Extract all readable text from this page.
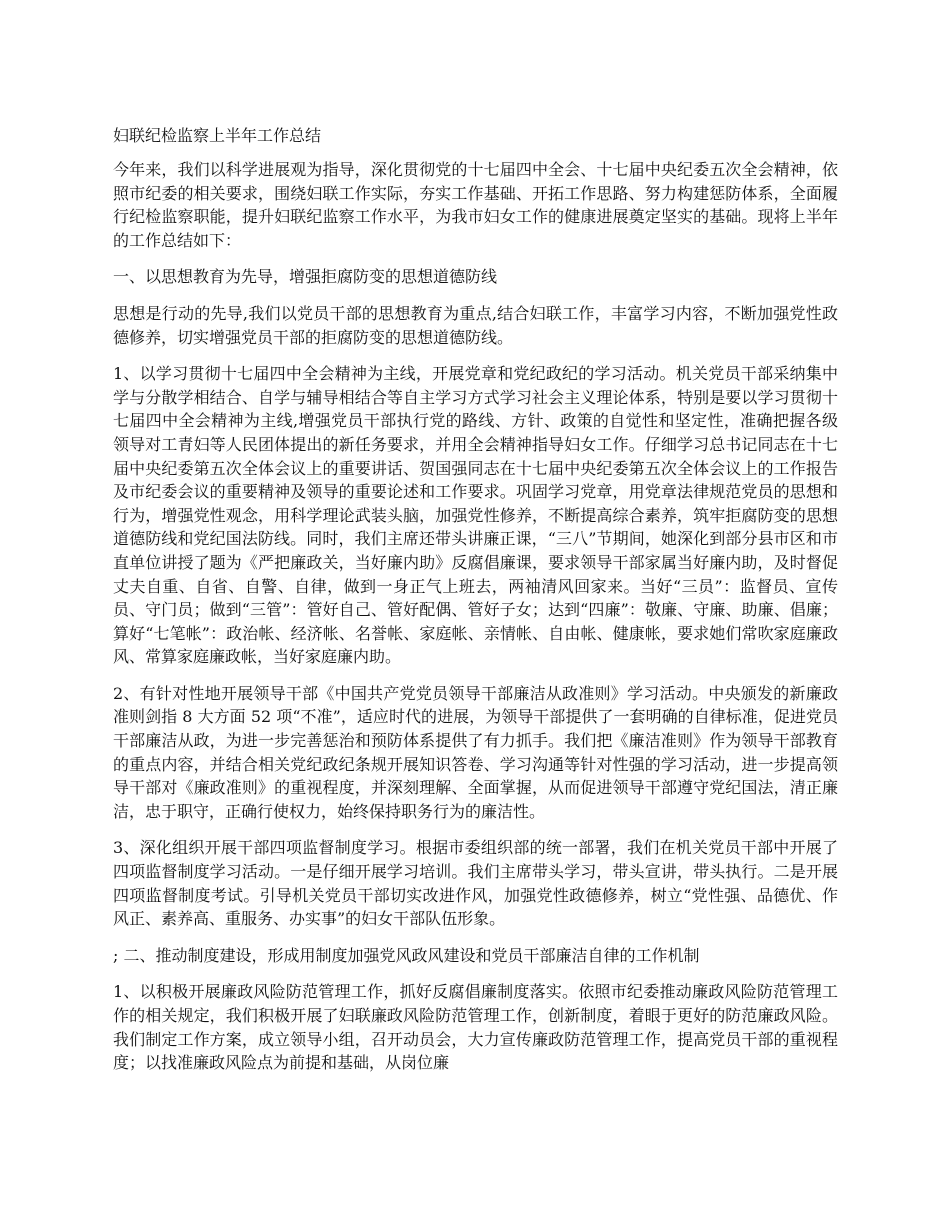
妇联纪检监察上半年工作总结

今年来，我们以科学进展观为指导，深化贯彻党的十七届四中全会、十七届中央纪委五次全会精神，依照市纪委的相关要求，围绕妇联工作实际，夯实工作基础、开拓工作思路、努力构建惩防体系，全面履行纪检监察职能，提升妇联纪监察工作水平，为我市妇女工作的健康进展奠定坚实的基础。现将上半年的工作总结如下：

一、以思想教育为先导，增强拒腐防变的思想道德防线

思想是行动的先导,我们以党员干部的思想教育为重点,结合妇联工作，丰富学习内容，不断加强党性政德修养，切实增强党员干部的拒腐防变的思想道德防线。

1、以学习贯彻十七届四中全会精神为主线，开展党章和党纪政纪的学习活动。机关党员干部采纳集中学与分散学相结合、自学与辅导相结合等自主学习方式学习社会主义理论体系，特别是要以学习贯彻十七届四中全会精神为主线,增强党员干部执行党的路线、方针、政策的自觉性和坚定性，准确把握各级领导对工青妇等人民团体提出的新任务要求，并用全会精神指导妇女工作。仔细学习总书记同志在十七届中央纪委第五次全体会议上的重要讲话、贺国强同志在十七届中央纪委第五次全体会议上的工作报告及市纪委会议的重要精神及领导的重要论述和工作要求。巩固学习党章，用党章法律规范党员的思想和行为，增强党性观念，用科学理论武装头脑，加强党性修养，不断提高综合素养，筑牢拒腐防变的思想道德防线和党纪国法防线。同时，我们主席还带头讲廉正课，“三八”节期间，她深化到部分县市区和市直单位讲授了题为《严把廉政关，当好廉内助》反腐倡廉课，要求领导干部家属当好廉内助，及时督促丈夫自重、自省、自警、自律，做到一身正气上班去，两袖清风回家来。当好“三员”：监督员、宣传员、守门员；做到“三管”：管好自己、管好配偶、管好子女；达到“四廉”：敬廉、守廉、助廉、倡廉；算好“七笔帐”：政治帐、经济帐、名誉帐、家庭帐、亲情帐、自由帐、健康帐，要求她们常吹家庭廉政风、常算家庭廉政帐，当好家庭廉内助。

2、有针对性地开展领导干部《中国共产党党员领导干部廉洁从政准则》学习活动。中央颁发的新廉政准则剑指 8 大方面 52 项“不准”，适应时代的进展，为领导干部提供了一套明确的自律标准，促进党员干部廉洁从政，为进一步完善惩治和预防体系提供了有力抓手。我们把《廉洁准则》作为领导干部教育的重点内容，并结合相关党纪政纪条规开展知识答卷、学习沟通等针对性强的学习活动，进一步提高领导干部对《廉政准则》的重视程度，并深刻理解、全面掌握，从而促进领导干部遵守党纪国法，清正廉洁，忠于职守，正确行使权力，始终保持职务行为的廉洁性。

3、深化组织开展干部四项监督制度学习。根据市委组织部的统一部署，我们在机关党员干部中开展了四项监督制度学习活动。一是仔细开展学习培训。我们主席带头学习，带头宣讲，带头执行。二是开展四项监督制度考试。引导机关党员干部切实改进作风，加强党性政德修养，树立“党性强、品德优、作风正、素养高、重服务、办实事”的妇女干部队伍形象。

; 二、推动制度建设，形成用制度加强党风政风建设和党员干部廉洁自律的工作机制

1、以积极开展廉政风险防范管理工作，抓好反腐倡廉制度落实。依照市纪委推动廉政风险防范管理工作的相关规定，我们积极开展了妇联廉政风险防范管理工作，创新制度，着眼于更好的防范廉政风险。我们制定工作方案，成立领导小组，召开动员会，大力宣传廉政防范管理工作，提高党员干部的重视程度；以找准廉政风险点为前提和基础，从岗位廉
